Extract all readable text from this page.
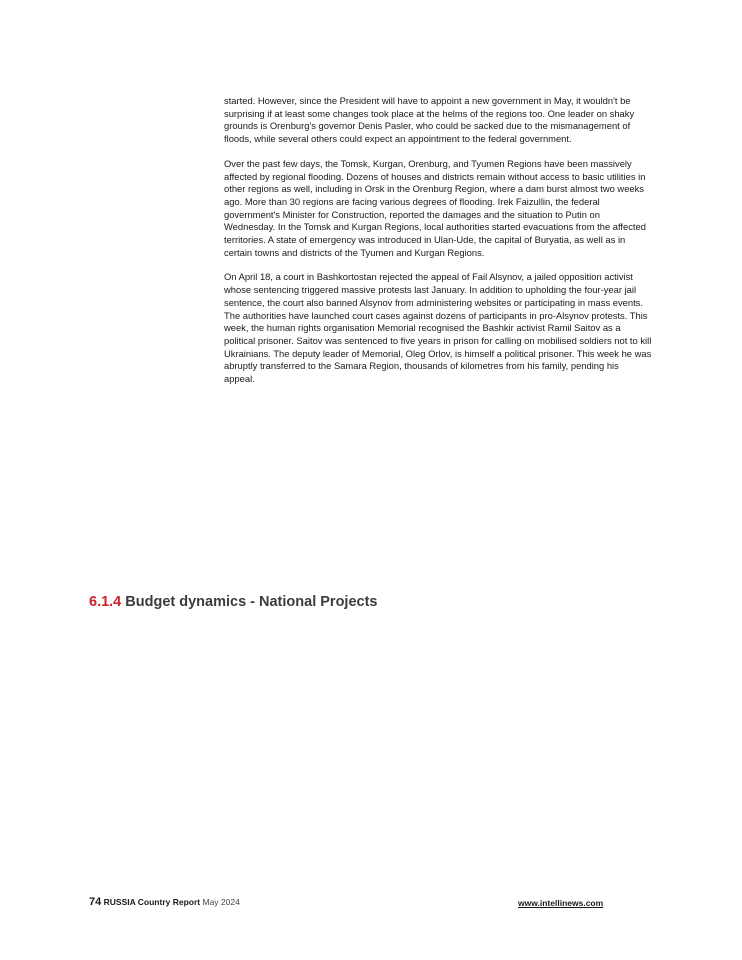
started. However, since the President will have to appoint a new government in May, it wouldn't be surprising if at least some changes took place at the helms of the regions too. One leader on shaky grounds is Orenburg's governor Denis Pasler, who could be sacked due to the mismanagement of floods, while several others could expect an appointment to the federal government.

Over the past few days, the Tomsk, Kurgan, Orenburg, and Tyumen Regions have been massively affected by regional flooding. Dozens of houses and districts remain without access to basic utilities in other regions as well, including in Orsk in the Orenburg Region, where a dam burst almost two weeks ago. More than 30 regions are facing various degrees of flooding. Irek Faizullin, the federal government's Minister for Construction, reported the damages and the situation to Putin on Wednesday. In the Tomsk and Kurgan Regions, local authorities started evacuations from the affected territories. A state of emergency was introduced in Ulan-Ude, the capital of Buryatia, as well as in certain towns and districts of the Tyumen and Kurgan Regions.

On April 18, a court in Bashkortostan rejected the appeal of Fail Alsynov, a jailed opposition activist whose sentencing triggered massive protests last January. In addition to upholding the four-year jail sentence, the court also banned Alsynov from administering websites or participating in mass events. The authorities have launched court cases against dozens of participants in pro-Alsynov protests. This week, the human rights organisation Memorial recognised the Bashkir activist Ramil Saitov as a political prisoner. Saitov was sentenced to five years in prison for calling on mobilised soldiers not to kill Ukrainians. The deputy leader of Memorial, Oleg Orlov, is himself a political prisoner. This week he was abruptly transferred to the Samara Region, thousands of kilometres from his family, pending his appeal.

6.1.4 Budget dynamics - National Projects
74 RUSSIA Country Report May 2024	www.intellinews.com
